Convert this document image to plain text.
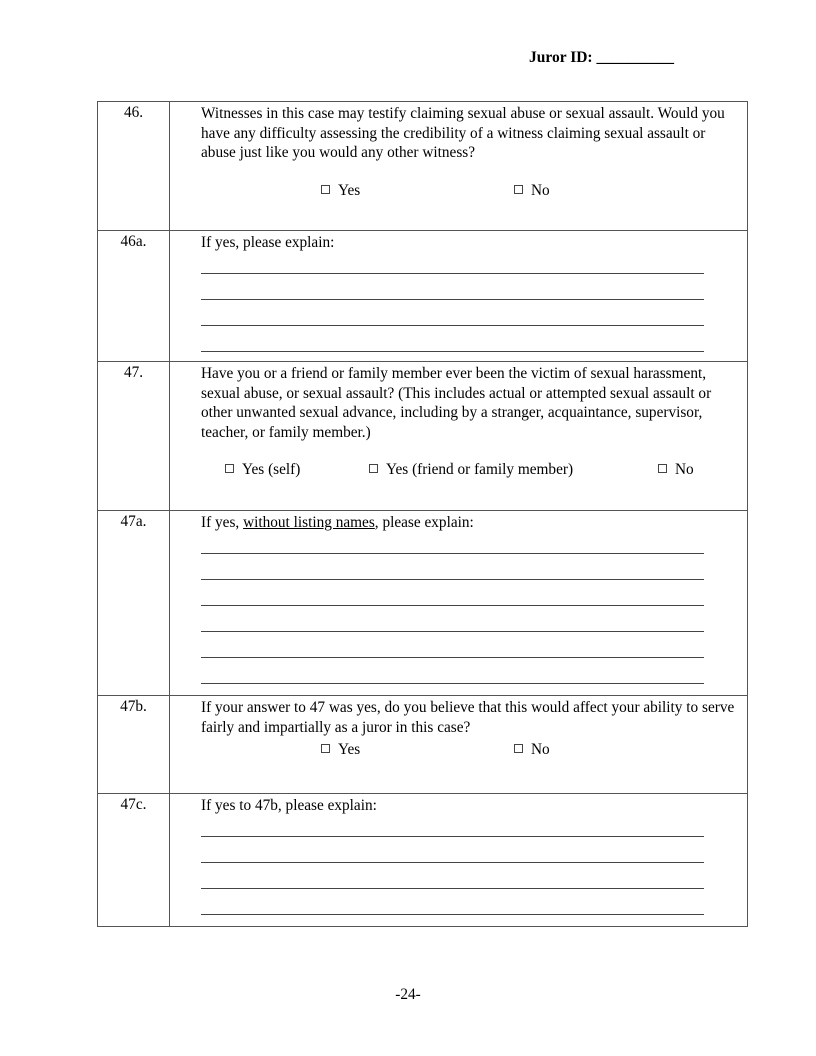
Juror ID: __________
46.	Witnesses in this case may testify claiming sexual abuse or sexual assault. Would you have any difficulty assessing the credibility of a witness claiming sexual assault or abuse just like you would any other witness?
Yes No

46a.	If yes, please explain:

47.	Have you or a friend or family member ever been the victim of sexual harassment, sexual abuse, or sexual assault? (This includes actual or attempted sexual assault or other unwanted sexual advance, including by a stranger, acquaintance, supervisor, teacher, or family member.)
Yes (self) Yes (friend or family member) No

47a.	If yes, without listing names, please explain:

47b.	If your answer to 47 was yes, do you believe that this would affect your ability to serve fairly and impartially as a juror in this case?
Yes No

47c.	If yes to 47b, please explain:
-24-
